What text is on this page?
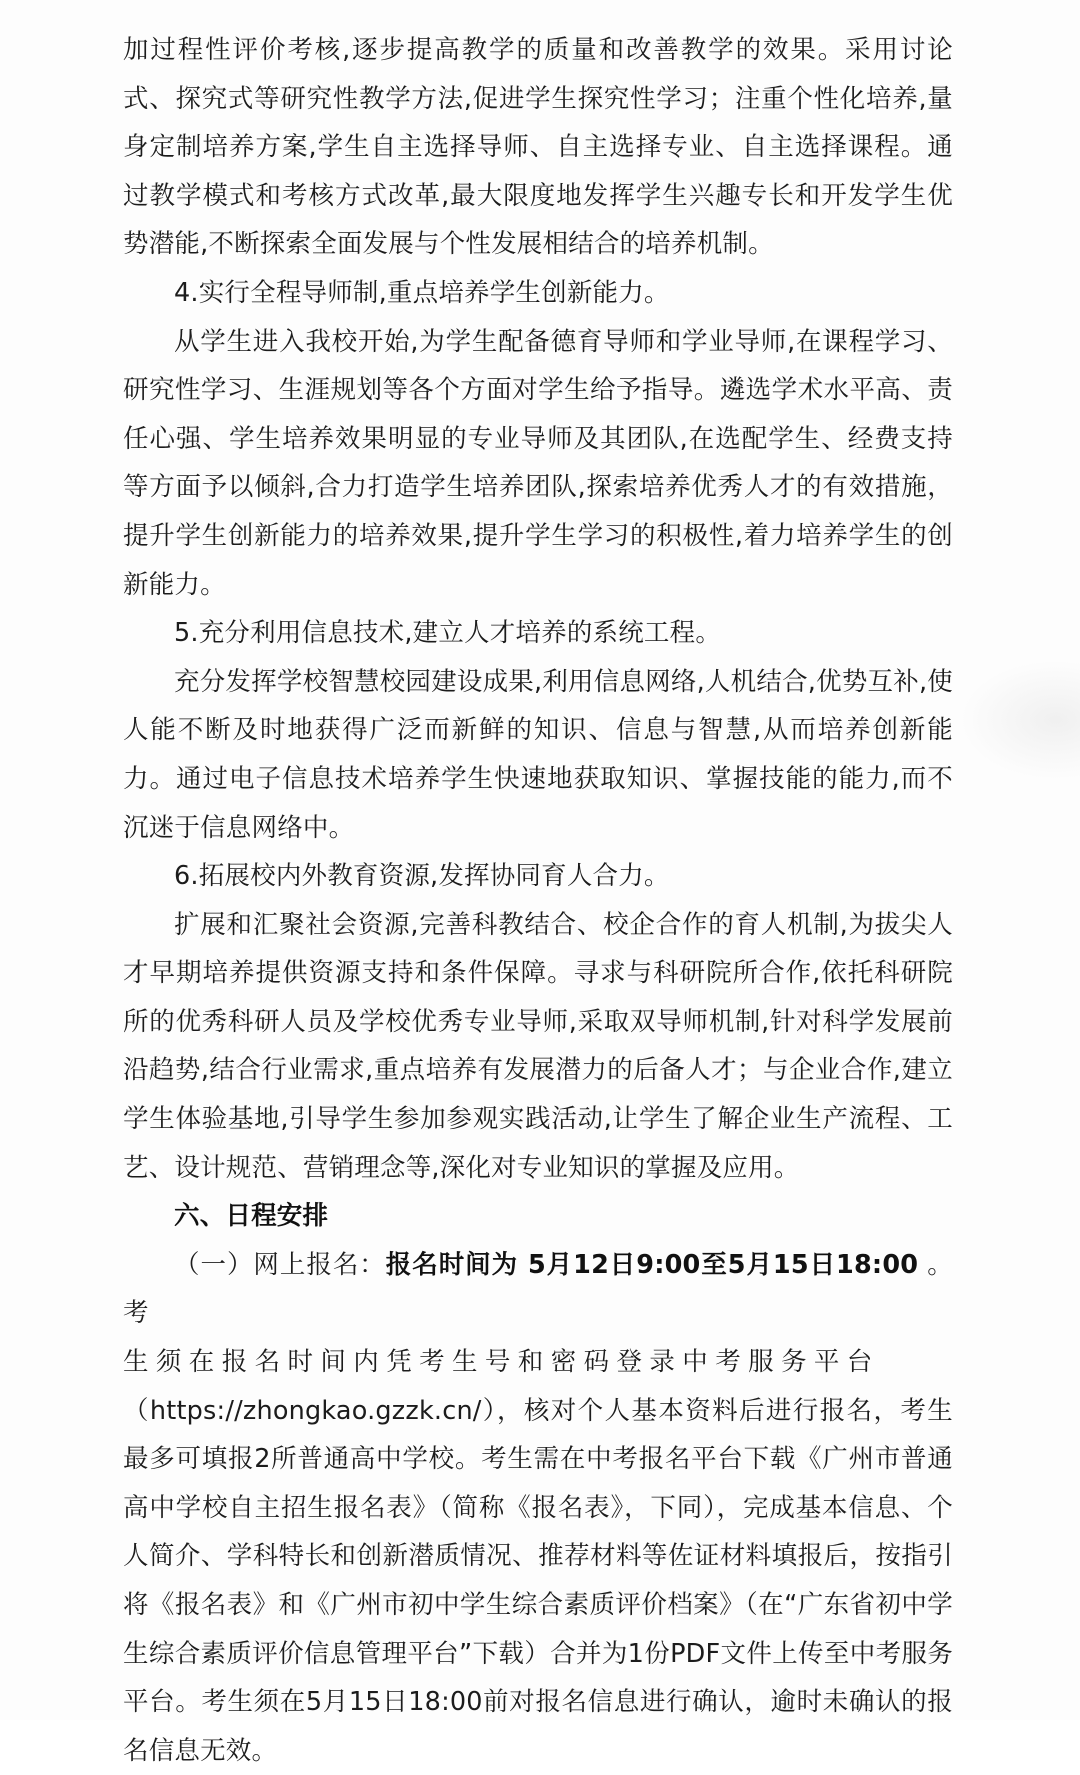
加过程性评价考核,逐步提高教学的质量和改善教学的效果。采用讨论式、探究式等研究性教学方法,促进学生探究性学习；注重个性化培养,量身定制培养方案,学生自主选择导师、自主选择专业、自主选择课程。通过教学模式和考核方式改革,最大限度地发挥学生兴趣专长和开发学生优势潜能,不断探索全面发展与个性发展相结合的培养机制。

4.实行全程导师制,重点培养学生创新能力。

从学生进入我校开始,为学生配备德育导师和学业导师,在课程学习、研究性学习、生涯规划等各个方面对学生给予指导。遴选学术水平高、责任心强、学生培养效果明显的专业导师及其团队,在选配学生、经费支持等方面予以倾斜,合力打造学生培养团队,探索培养优秀人才的有效措施，提升学生创新能力的培养效果,提升学生学习的积极性,着力培养学生的创新能力。

5.充分利用信息技术,建立人才培养的系统工程。

充分发挥学校智慧校园建设成果,利用信息网络,人机结合,优势互补,使人能不断及时地获得广泛而新鲜的知识、信息与智慧,从而培养创新能力。通过电子信息技术培养学生快速地获取知识、掌握技能的能力,而不沉迷于信息网络中。

6.拓展校内外教育资源,发挥协同育人合力。

扩展和汇聚社会资源,完善科教结合、校企合作的育人机制,为拔尖人才早期培养提供资源支持和条件保障。寻求与科研院所合作,依托科研院所的优秀科研人员及学校优秀专业导师,采取双导师机制,针对科学发展前沿趋势,结合行业需求,重点培养有发展潜力的后备人才；与企业合作,建立学生体验基地,引导学生参加参观实践活动,让学生了解企业生产流程、工艺、设计规范、营销理念等,深化对专业知识的掌握及应用。

六、日程安排

（一）网上报名：报名时间为 5月12日9:00至5月15日18:00 。考
生须在报名时间内凭考生号和密码登录中考服务平台
（https://zhongkao.gzzk.cn/），核对个人基本资料后进行报名，考生最多可填报2所普通高中学校。考生需在中考报名平台下载《广州市普通高中学校自主招生报名表》（简称《报名表》，下同），完成基本信息、个人简介、学科特长和创新潜质情况、推荐材料等佐证材料填报后，按指引将《报名表》和《广州市初中学生综合素质评价档案》（在“广东省初中学生综合素质评价信息管理平台”下载）合并为1份PDF文件上传至中考服务平台。考生须在5月15日18:00前对报名信息进行确认，逾时未确认的报名信息无效。
